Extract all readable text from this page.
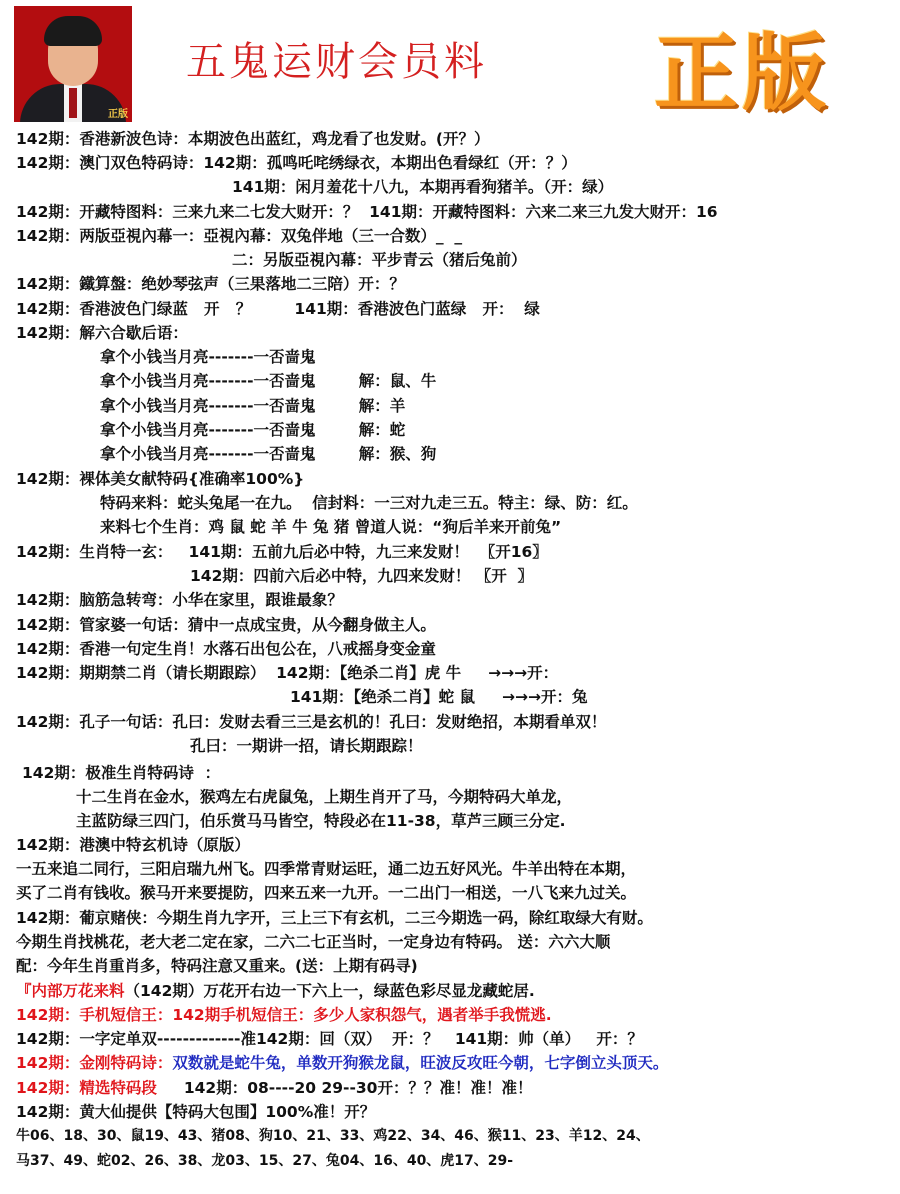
正版
五鬼运财会员料 正版
142期：香港新波色诗：本期波色出蓝红，鸡龙看了也发财。(开？）
142期：澳门双色特码诗：142期：孤鸣吒咤绣绿衣，本期出色看绿红（开：？）
141期：闲月羞花十八九，本期再看狗猪羊。（开：绿）
142期：开藏特图料：三来九来二七发大财开：？  141期：开藏特图料：六来二来三九发大财开：16
142期：两版亞視內幕一：亞視內幕：双兔伴地（三一合数）_  _
二：另版亞視內幕：平步青云（猪后兔前）
142期：鐵算盤：绝妙琴弦声（三果落地二三陪）开：？
142期：香港波色门绿蓝   开   ？        141期：香港波色门蓝绿   开：  绿
142期：解六合歇后语：
拿个小钱当月亮-------一否啬鬼
拿个小钱当月亮-------一否啬鬼        解：鼠、牛
拿个小钱当月亮-------一否啬鬼        解：羊
拿个小钱当月亮-------一否啬鬼        解：蛇
拿个小钱当月亮-------一否啬鬼        解：猴、狗
142期：裸体美女献特码{准确率100%}
特码来料：蛇头兔尾一在九。  信封料：一三对九走三五。特主：绿、防：红。
来料七个生肖：鸡 鼠 蛇 羊 牛 兔 猪 曾道人说：“狗后羊来开前兔”
142期：生肖特一玄：   141期：五前九后必中特，九三来发财！  〖开16〗
142期：四前六后必中特，九四来发财！ 〖开  〗
142期：脑筋急转弯：小华在家里，跟谁最象？
142期：管家婆一句话：猜中一点成宝贵，从今翻身做主人。
142期：香港一句定生肖！水落石出包公在，八戒摇身变金童
142期：期期禁二肖（请长期跟踪）  142期：【绝杀二肖】虎 牛     →→→开：
141期：【绝杀二肖】蛇 鼠     →→→开：兔
142期：孔子一句话：孔曰：发财去看三三是玄机的！孔曰：发财绝招，本期看单双！
孔曰：一期讲一招，请长期跟踪！
142期：极准生肖特码诗  ：
十二生肖在金水，猴鸡左右虎鼠兔，上期生肖开了马，今期特码大单龙，
主蓝防绿三四门，伯乐赏马马皆空，特段必在11-38，草芦三顾三分定.
142期：港澳中特玄机诗（原版）
一五来追二同行，三阳启瑞九州飞。四季常青财运旺，通二边五好风光。牛羊出特在本期，
买了二肖有钱收。猴马开来要提防，四来五来一九开。一二出门一相送，一八飞来九过关。
142期：葡京赌侠：今期生肖九字开，三上三下有玄机，二三今期选一码，除红取绿大有财。
今期生肖找桃花，老大老二定在家，二六二七正当时，一定身边有特码。 送：六六大顺
配：今年生肖重肖多，特码注意又重来。(送：上期有码寻)
『内部万花来料（142期）万花开右边一下六上一，绿蓝色彩尽显龙藏蛇居.
142期：手机短信王：142期手机短信王：多少人家积怨气，遇者举手我慌逃.
142期：一字定单双-------------准142期：回（双）  开：？   141期：帅（单）   开：？
142期：金刚特码诗：双数就是蛇牛兔，单数开狗猴龙鼠，旺波反攻旺今朝，七字倒立头顶天。
142期：精选特码段     142期：08----20 29--30开：？？准！准！准！
142期：黄大仙提供【特码大包围】100%准！开？
牛06、18、30、鼠19、43、猪08、狗10、21、33、鸡22、34、46、猴11、23、羊12、24、
马37、49、蛇02、26、38、龙03、15、27、兔04、16、40、虎17、29-
